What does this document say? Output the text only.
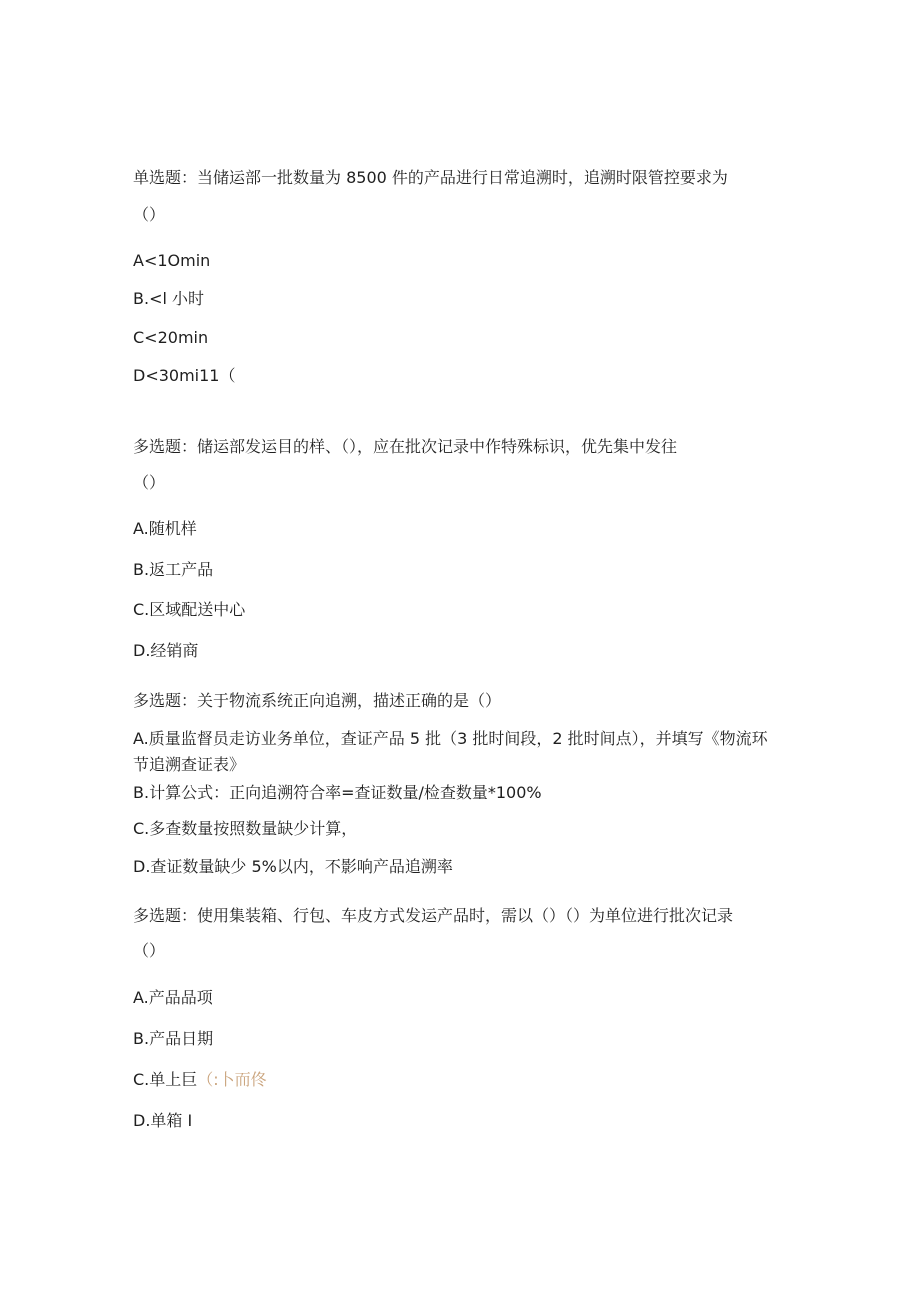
单选题：当储运部一批数量为 8500 件的产品进行日常追溯时，追溯时限管控要求为
（）
A<1Omin
B.<l 小时
C<20min
D<30mi11（
多选题：储运部发运目的样、（），应在批次记录中作特殊标识，优先集中发往
（）
A.随机样
B.返工产品
C.区域配送中心
D.经销商
多选题：关于物流系统正向追溯，描述正确的是（）
A.质量监督员走访业务单位，查证产品 5 批（3 批时间段，2 批时间点），并填写《物流环节追溯查证表》
B.计算公式：正向追溯符合率=查证数量/检查数量*100%
C.多查数量按照数量缺少计算，
D.查证数量缺少 5%以内，不影响产品追溯率
多选题：使用集装箱、行包、车皮方式发运产品时，需以（）（）为单位进行批次记录
（）
A.产品品项
B.产品日期
C.单上巨（:卜而佟
D.单箱 I
